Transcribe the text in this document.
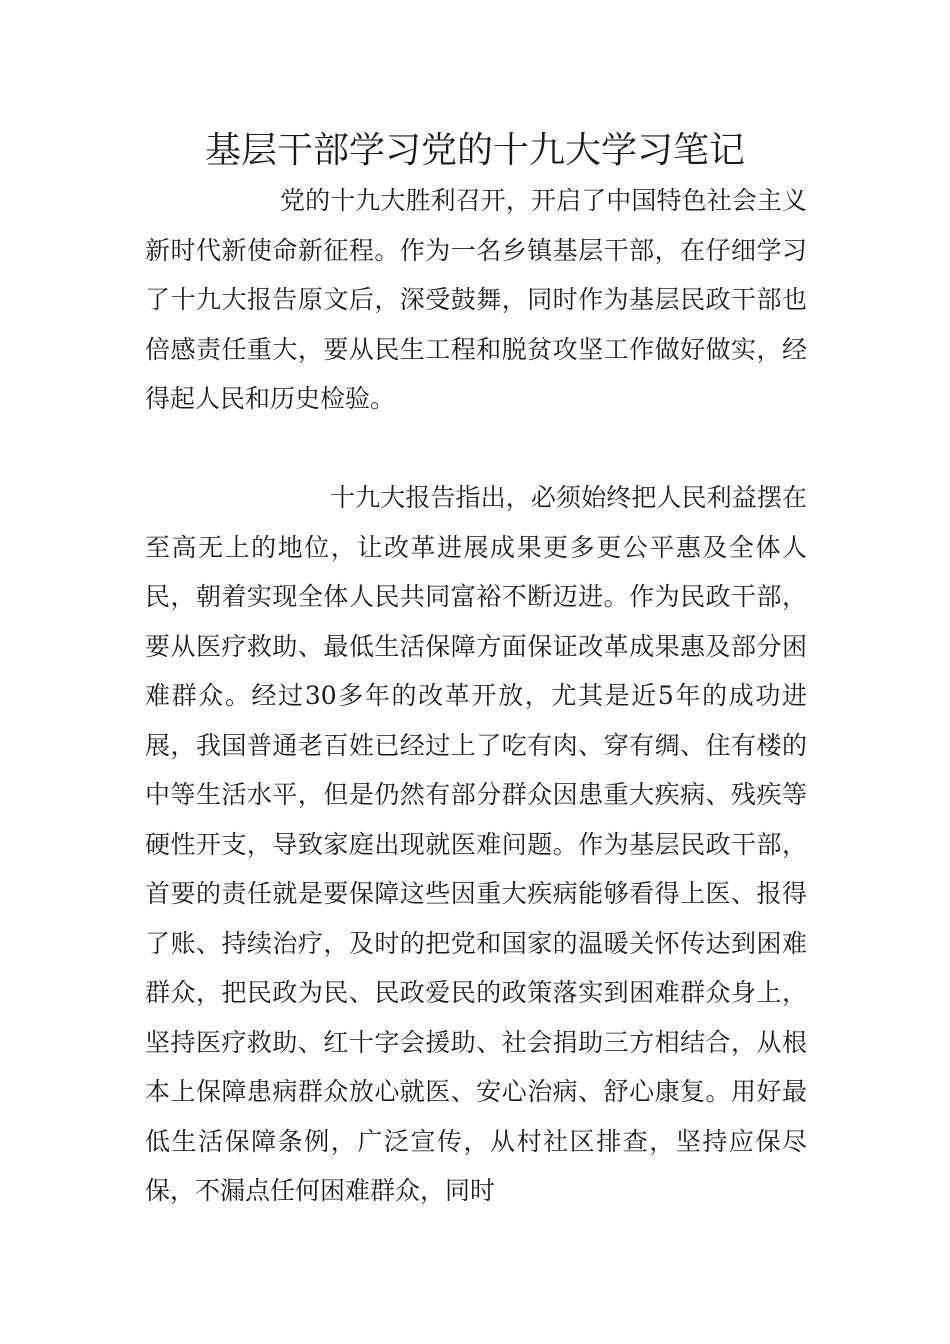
基层干部学习党的十九大学习笔记

党的十九大胜利召开，开启了中国特色社会主义新时代新使命新征程。作为一名乡镇基层干部，在仔细学习了十九大报告原文后，深受鼓舞，同时作为基层民政干部也倍感责任重大，要从民生工程和脱贫攻坚工作做好做实，经得起人民和历史检验。

十九大报告指出，必须始终把人民利益摆在至高无上的地位，让改革进展成果更多更公平惠及全体人民，朝着实现全体人民共同富裕不断迈进。作为民政干部，要从医疗救助、最低生活保障方面保证改革成果惠及部分困难群众。经过30多年的改革开放，尤其是近5年的成功进展，我国普通老百姓已经过上了吃有肉、穿有绸、住有楼的中等生活水平，但是仍然有部分群众因患重大疾病、残疾等硬性开支，导致家庭出现就医难问题。作为基层民政干部，首要的责任就是要保障这些因重大疾病能够看得上医、报得了账、持续治疗，及时的把党和国家的温暖关怀传达到困难群众，把民政为民、民政爱民的政策落实到困难群众身上，坚持医疗救助、红十字会援助、社会捐助三方相结合，从根本上保障患病群众放心就医、安心治病、舒心康复。用好最低生活保障条例，广泛宣传，从村社区排查，坚持应保尽保，不漏点任何困难群众，同时
